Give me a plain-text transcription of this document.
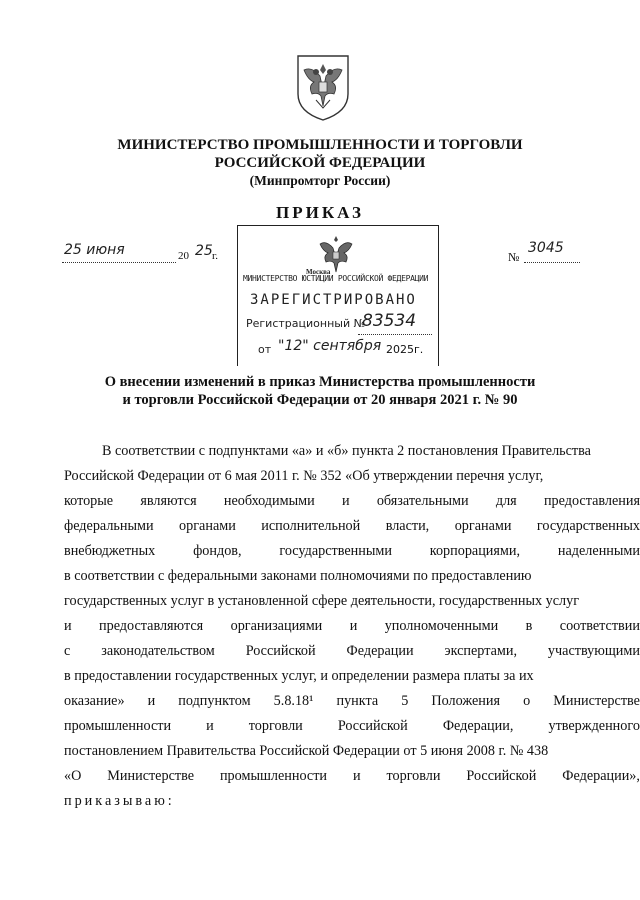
МИНИСТЕРСТВО ПРОМЫШЛЕННОСТИ И ТОРГОВЛИ
РОССИЙСКОЙ ФЕДЕРАЦИИ
(Минпромторг России)
ПРИКАЗ
25 июня	20 25 г.	№
3045
Москва
МИНИСТЕРСТВО ЮСТИЦИИ РОССИЙСКОЙ ФЕДЕРАЦИИ
ЗАРЕГИСТРИРОВАНО
Регистрационный №
83534
от "12" сентября 2025г.
О внесении изменений в приказ Министерства промышленности
и торговли Российской Федерации от 20 января 2021 г. № 90
В соответствии с подпунктами «а» и «б» пункта 2 постановления Правительства
Российской Федерации от 6 мая 2011 г. № 352 «Об утверждении перечня услуг,
которые являются необходимыми и обязательными для предоставления
федеральными органами исполнительной власти, органами государственных
внебюджетных	фондов,	государственными	корпорациями,	наделенными
в соответствии с федеральными законами полномочиями по предоставлению
государственных услуг в установленной сфере деятельности, государственных услуг
и предоставляются организациями и уполномоченными в соответствии
с законодательством Российской Федерации экспертами, участвующими
в предоставлении государственных услуг, и определении размера платы за их
оказание» и подпунктом 5.8.18¹ пункта 5 Положения о Министерстве
промышленности и торговли Российской Федерации, утвержденного
постановлением Правительства Российской Федерации от 5 июня 2008 г. № 438
«О Министерстве промышленности и торговли Российской Федерации»,
приказываю:
